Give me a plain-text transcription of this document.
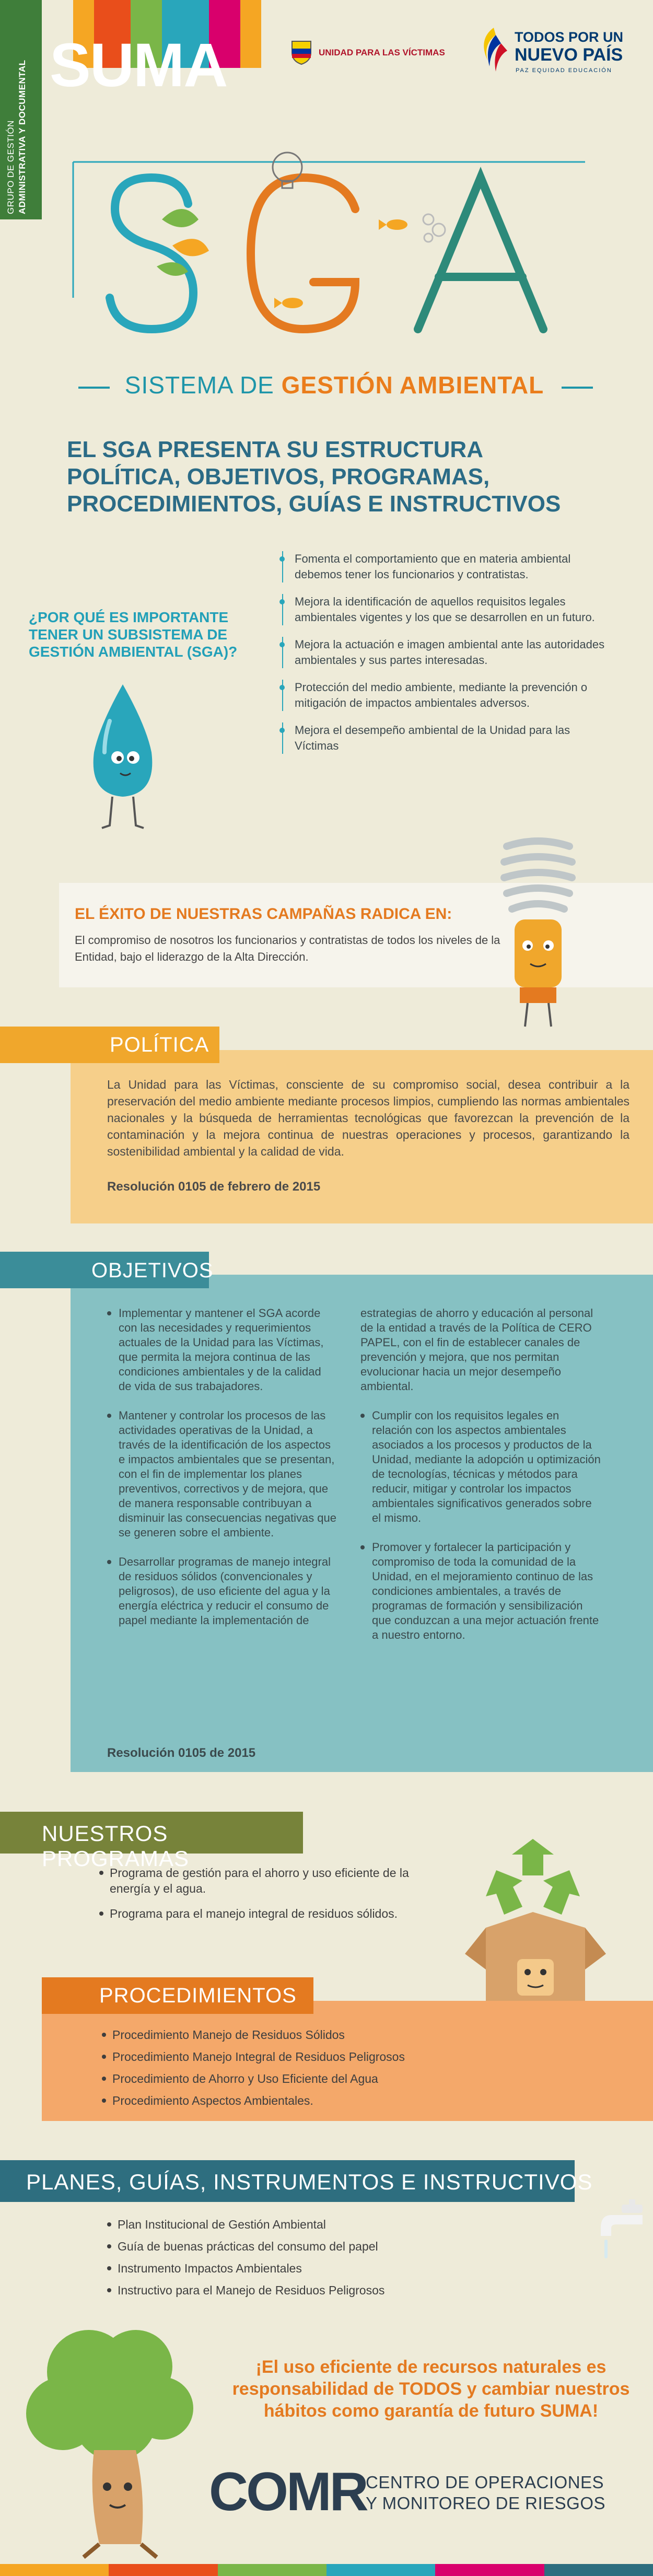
GRUPO DE GESTIÓN ADMINISTRATIVA Y DOCUMENTAL SUMA	UNIDAD PARA LAS VÍCTIMAS
TODOS POR UN
NUEVO PAÍS
PAZ EQUIDAD EDUCACIÓN
SISTEMA DE GESTIÓN AMBIENTAL
EL SGA PRESENTA SU ESTRUCTURA POLÍTICA, OBJETIVOS, PROGRAMAS, PROCEDIMIENTOS, GUÍAS E INSTRUCTIVOS
¿POR QUÉ ES IMPORTANTE TENER UN SUBSISTEMA DE GESTIÓN AMBIENTAL (SGA)?
Fomenta el comportamiento que en materia ambiental debemos tener los funcionarios y contratistas.
Mejora la identificación de aquellos requisitos legales ambientales vigentes y los que se desarrollen en un futuro.
Mejora la actuación e imagen ambiental ante las autoridades ambientales y sus partes interesadas.
Protección del medio ambiente, mediante la prevención o mitigación de impactos ambientales adversos.
Mejora el desempeño ambiental de la Unidad para las Víctimas
EL ÉXITO DE NUESTRAS CAMPAÑAS RADICA EN:
El compromiso de nosotros los funcionarios y contratistas de todos los niveles de la Entidad, bajo el liderazgo de la Alta Dirección.
La Unidad para las Víctimas, consciente de su compromiso social, desea contribuir a la preservación del medio ambiente mediante procesos limpios, cumpliendo las normas ambientales nacionales y la búsqueda de herramientas tecnológicas que favorezcan la prevención de la contaminación y la mejora continua de nuestras operaciones y procesos, garantizando la sostenibilidad ambiental y la calidad de vida.
Resolución 0105 de febrero de 2015
POLÍTICA
Implementar y mantener el SGA acorde con las necesidades y requerimientos actuales de la Unidad para las Víctimas, que permita la mejora continua de las condiciones ambientales y de la calidad de vida de sus trabajadores.
Mantener y controlar los procesos de las actividades operativas de la Unidad, a través de la identificación de los aspectos e impactos ambientales que se presentan, con el fin de implementar los planes preventivos, correctivos y de mejora, que de manera responsable contribuyan a disminuir las consecuencias negativas que se generen sobre el ambiente.
Desarrollar programas de manejo integral de residuos sólidos (convencionales y peligrosos), de uso eficiente del agua y la energía eléctrica y reducir el consumo de papel mediante la implementación de
estrategias de ahorro y educación al personal de la entidad a través de la Política de CERO PAPEL, con el fin de establecer canales de prevención y mejora, que nos permitan evolucionar hacia un mejor desempeño ambiental.
Cumplir con los requisitos legales en relación con los aspectos ambientales asociados a los procesos y productos de la Unidad, mediante la adopción u optimización de tecnologías, técnicas y métodos para reducir, mitigar y controlar los impactos ambientales significativos generados sobre el mismo.
Promover y fortalecer la participación y compromiso de toda la comunidad de la Unidad, en el mejoramiento continuo de las condiciones ambientales, a través de programas de formación y sensibilización que conduzcan a una mejor actuación frente a nuestro entorno.
Resolución 0105 de 2015
OBJETIVOS
NUESTROS PROGRAMAS
Programa de gestión para el ahorro y uso eficiente de la energía y el agua.
Programa para el manejo integral de residuos sólidos.
PROCEDIMIENTOS
Procedimiento Manejo de Residuos Sólidos
Procedimiento Manejo Integral de Residuos Peligrosos
Procedimiento de Ahorro y Uso Eficiente del Agua
Procedimiento Aspectos Ambientales.
PLANES, GUÍAS, INSTRUMENTOS E INSTRUCTIVOS
Plan Institucional de Gestión Ambiental
Guía de buenas prácticas del consumo del papel
Instrumento Impactos Ambientales
Instructivo para el Manejo de Residuos Peligrosos
¡El uso eficiente de recursos naturales es responsabilidad de TODOS y cambiar nuestros hábitos como garantía de futuro SUMA!
COMR
CENTRO DE OPERACIONES
Y MONITOREO DE RIESGOS
